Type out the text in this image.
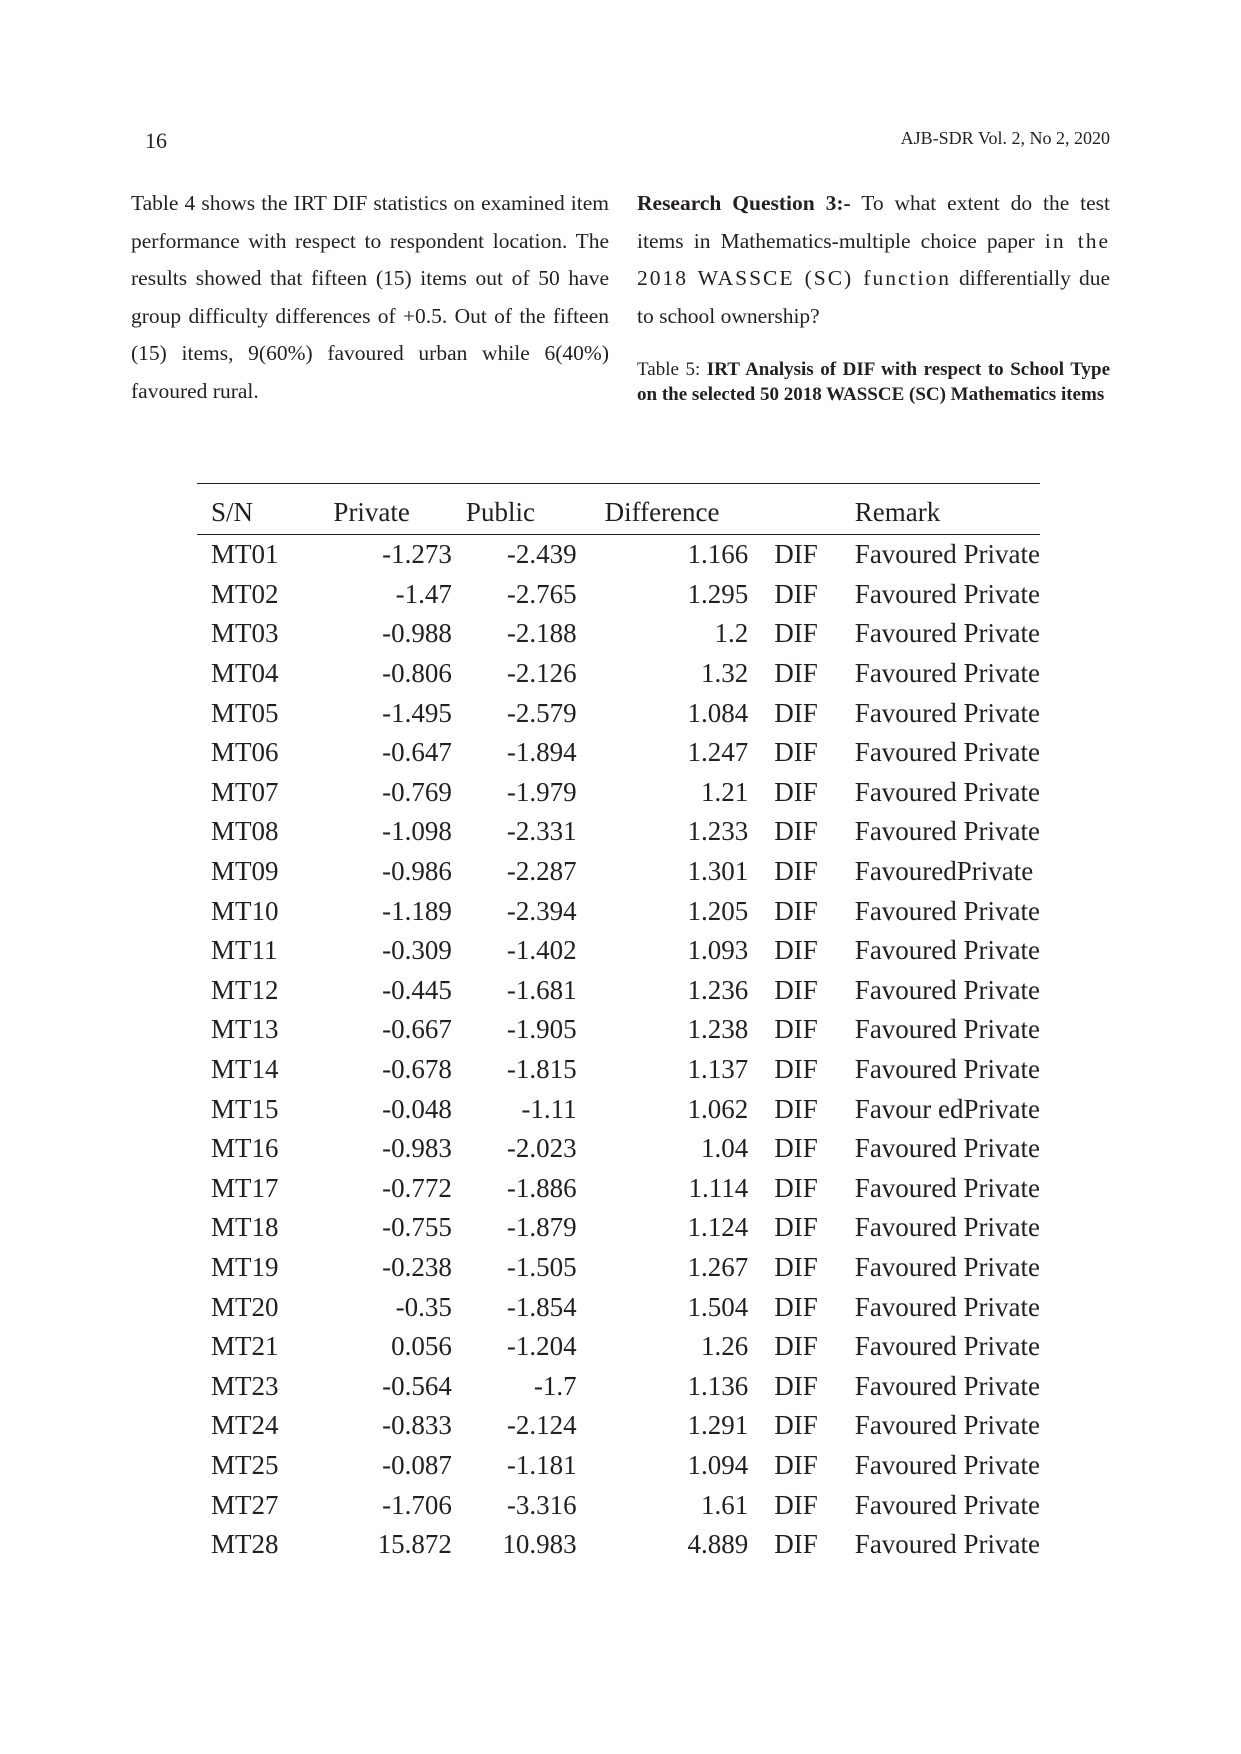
16	AJB-SDR Vol. 2, No 2, 2020

Table 4 shows the IRT DIF statistics on examined item performance with respect to respondent location. The results showed that fifteen (15) items out of 50 have group difficulty differences of +0.5. Out of the fifteen (15) items, 9(60%) favoured urban while 6(40%) favoured rural.

Research Question 3:- To what extent do the test items in Mathematics-multiple choice paper in the 2018 WASSCE (SC) function differentially due to school ownership?

Table 5: IRT Analysis of DIF with respect to School Type on the selected 50 2018 WASSCE (SC) Mathematics items

S/N	Private	Public	Difference		Remark
MT01	-1.273	-2.439	1.166	DIF	Favoured Private
MT02	-1.47	-2.765	1.295	DIF	Favoured Private
MT03	-0.988	-2.188	1.2	DIF	Favoured Private
MT04	-0.806	-2.126	1.32	DIF	Favoured Private
MT05	-1.495	-2.579	1.084	DIF	Favoured Private
MT06	-0.647	-1.894	1.247	DIF	Favoured Private
MT07	-0.769	-1.979	1.21	DIF	Favoured Private
MT08	-1.098	-2.331	1.233	DIF	Favoured Private
MT09	-0.986	-2.287	1.301	DIF	FavouredPrivate
MT10	-1.189	-2.394	1.205	DIF	Favoured Private
MT11	-0.309	-1.402	1.093	DIF	Favoured Private
MT12	-0.445	-1.681	1.236	DIF	Favoured Private
MT13	-0.667	-1.905	1.238	DIF	Favoured Private
MT14	-0.678	-1.815	1.137	DIF	Favoured Private
MT15	-0.048	-1.11	1.062	DIF	Favour edPrivate
MT16	-0.983	-2.023	1.04	DIF	Favoured Private
MT17	-0.772	-1.886	1.114	DIF	Favoured Private
MT18	-0.755	-1.879	1.124	DIF	Favoured Private
MT19	-0.238	-1.505	1.267	DIF	Favoured Private
MT20	-0.35	-1.854	1.504	DIF	Favoured Private
MT21	0.056	-1.204	1.26	DIF	Favoured Private
MT23	-0.564	-1.7	1.136	DIF	Favoured Private
MT24	-0.833	-2.124	1.291	DIF	Favoured Private
MT25	-0.087	-1.181	1.094	DIF	Favoured Private
MT27	-1.706	-3.316	1.61	DIF	Favoured Private
MT28	15.872	10.983	4.889	DIF	Favoured Private
